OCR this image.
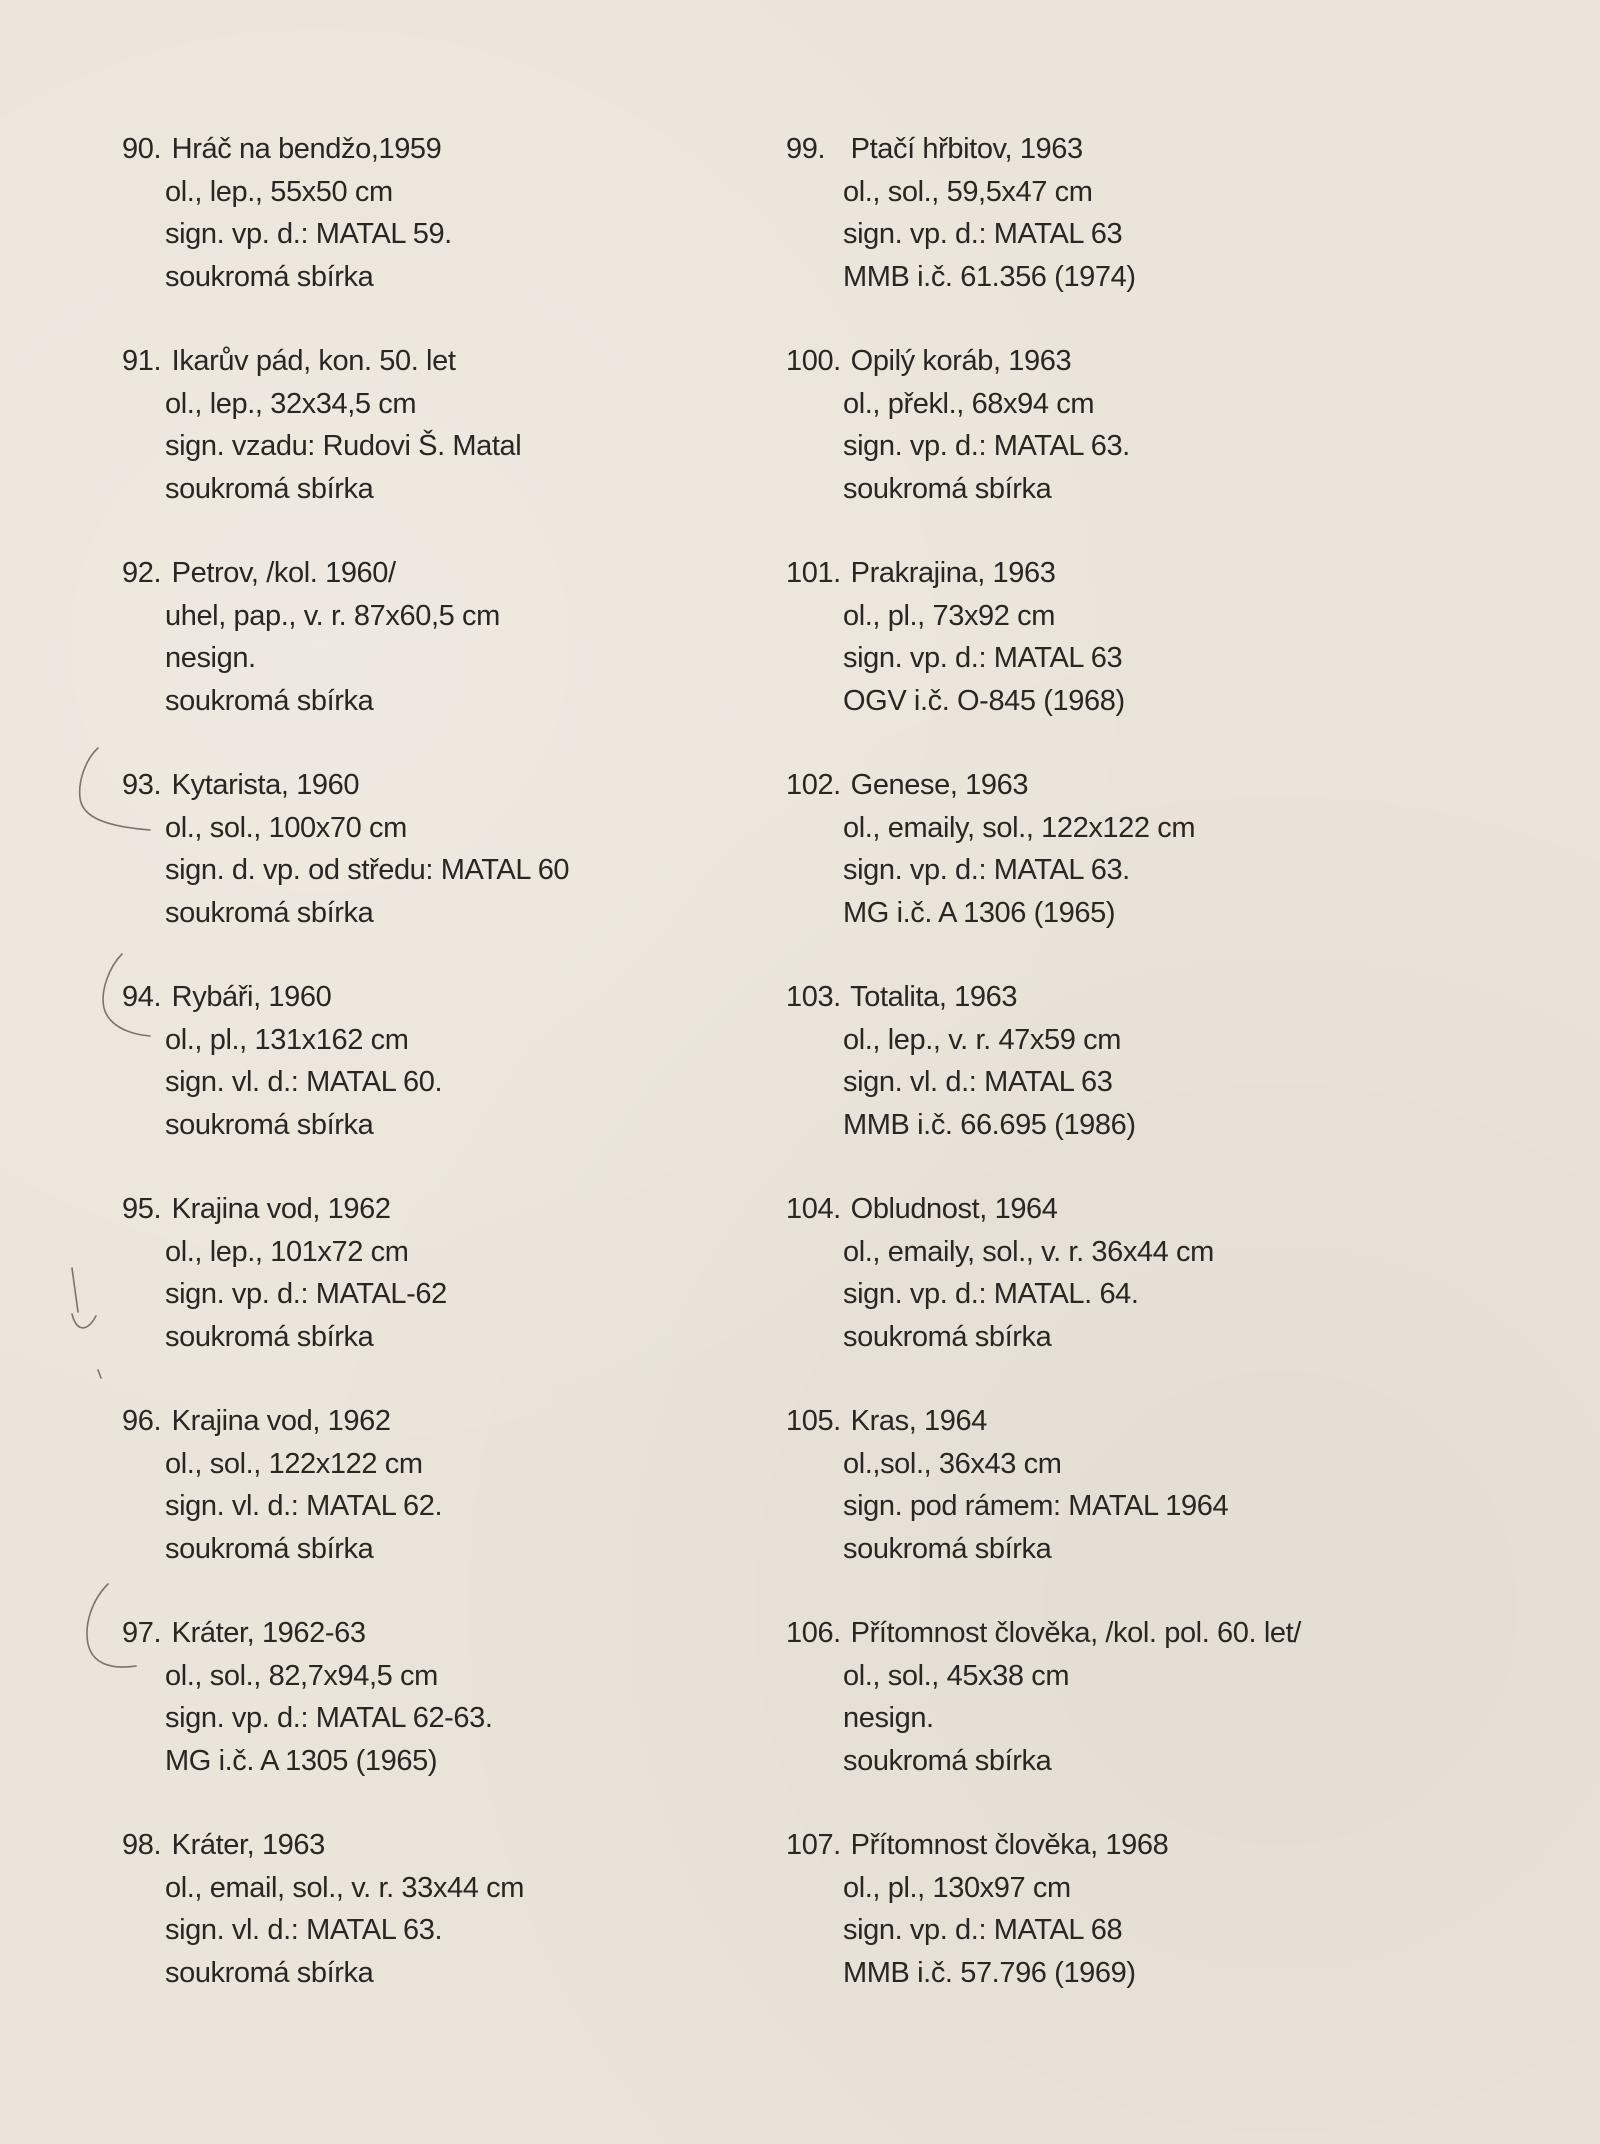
90. Hráč na bendžo,1959
ol., lep., 55x50 cm
sign. vp. d.: MATAL 59.
soukromá sbírka
91. Ikarův pád, kon. 50. let
ol., lep., 32x34,5 cm
sign. vzadu: Rudovi Š. Matal
soukromá sbírka
92. Petrov, /kol. 1960/
uhel, pap., v. r. 87x60,5 cm
nesign.
soukromá sbírka
93. Kytarista, 1960
ol., sol., 100x70 cm
sign. d. vp. od středu: MATAL 60
soukromá sbírka
94. Rybáři, 1960
ol., pl., 131x162 cm
sign. vl. d.: MATAL 60.
soukromá sbírka
95. Krajina vod, 1962
ol., lep., 101x72 cm
sign. vp. d.: MATAL-62
soukromá sbírka
96. Krajina vod, 1962
ol., sol., 122x122 cm
sign. vl. d.: MATAL 62.
soukromá sbírka
97. Kráter, 1962-63
ol., sol., 82,7x94,5 cm
sign. vp. d.: MATAL 62-63.
MG i.č. A 1305 (1965)
98. Kráter, 1963
ol., email, sol., v. r. 33x44 cm
sign. vl. d.: MATAL 63.
soukromá sbírka
99. Ptačí hřbitov, 1963
ol., sol., 59,5x47 cm
sign. vp. d.: MATAL 63
MMB i.č. 61.356 (1974)
100. Opilý koráb, 1963
ol., překl., 68x94 cm
sign. vp. d.: MATAL 63.
soukromá sbírka
101. Prakrajina, 1963
ol., pl., 73x92 cm
sign. vp. d.: MATAL 63
OGV i.č. O-845 (1968)
102. Genese, 1963
ol., emaily, sol., 122x122 cm
sign. vp. d.: MATAL 63.
MG i.č. A 1306 (1965)
103. Totalita, 1963
ol., lep., v. r. 47x59 cm
sign. vl. d.: MATAL 63
MMB i.č. 66.695 (1986)
104. Obludnost, 1964
ol., emaily, sol., v. r. 36x44 cm
sign. vp. d.: MATAL. 64.
soukromá sbírka
105. Kras, 1964
ol.,sol., 36x43 cm
sign. pod rámem: MATAL 1964
soukromá sbírka
106. Přítomnost člověka, /kol. pol. 60. let/
ol., sol., 45x38 cm
nesign.
soukromá sbírka
107. Přítomnost člověka, 1968
ol., pl., 130x97 cm
sign. vp. d.: MATAL 68
MMB i.č. 57.796 (1969)
